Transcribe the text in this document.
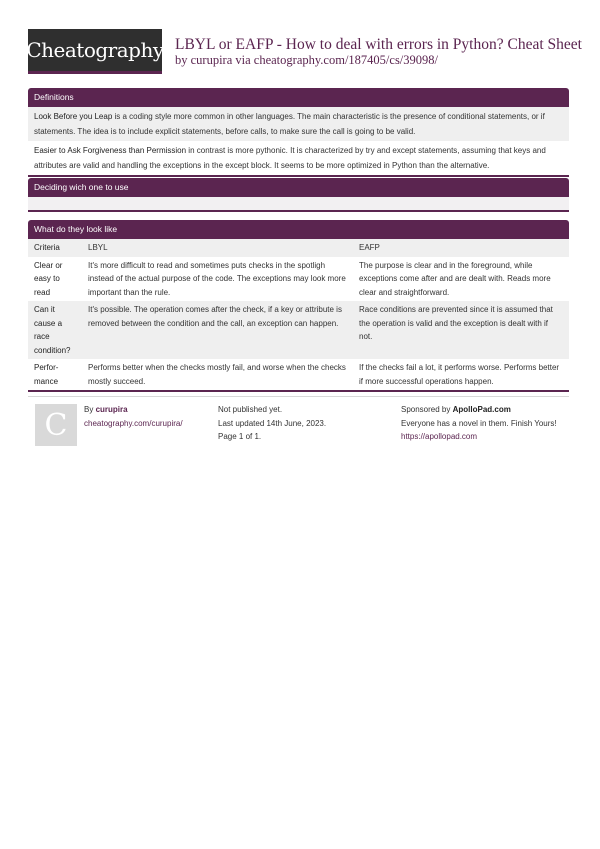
Cheatography LBYL or EAFP - How to deal with errors in Python? Cheat Sheet
by curupira via cheatography.com/187405/cs/39098/
Definitions
Look Before you Leap is a coding style more common in other languages. The main characteristic is the presence of conditional statements, or if statements. The idea is to include explicit statements, before calls, to make sure the call is going to be valid.
Easier to Ask Forgiveness than Permission in contrast is more pythonic. It is characterized by try and except statements, assuming that keys and attributes are valid and handling the exceptions in the except block. It seems to be more optimized in Python than the alternative.
Deciding wich one to use
What do they look like
Criteria	LBYL	EAFP
Clear or easy to read	It's more difficult to read and sometimes puts checks in the spotligh instead of the actual purpose of the code. The exceptions may look more important than the rule.	The purpose is clear and in the foreground, while exceptions come after and are dealt with. Reads more clear and straightforward.
Can it cause a race condition?	It's possible. The operation comes after the check, if a key or attribute is removed between the condition and the call, an exception can happen.	Race conditions are prevented since it is assumed that the operation is valid and the exception is dealt with if not.
Perfor-mance	Performs better when the checks mostly fail, and worse when the checks mostly succeed.	If the checks fail a lot, it performs worse. Performs better if more successful operations happen.
C By curupira
cheatography.com/curupira/
Not published yet.
Last updated 14th June, 2023.
Page 1 of 1.
Sponsored by ApolloPad.com
Everyone has a novel in them. Finish Yours!
https://apollopad.com
